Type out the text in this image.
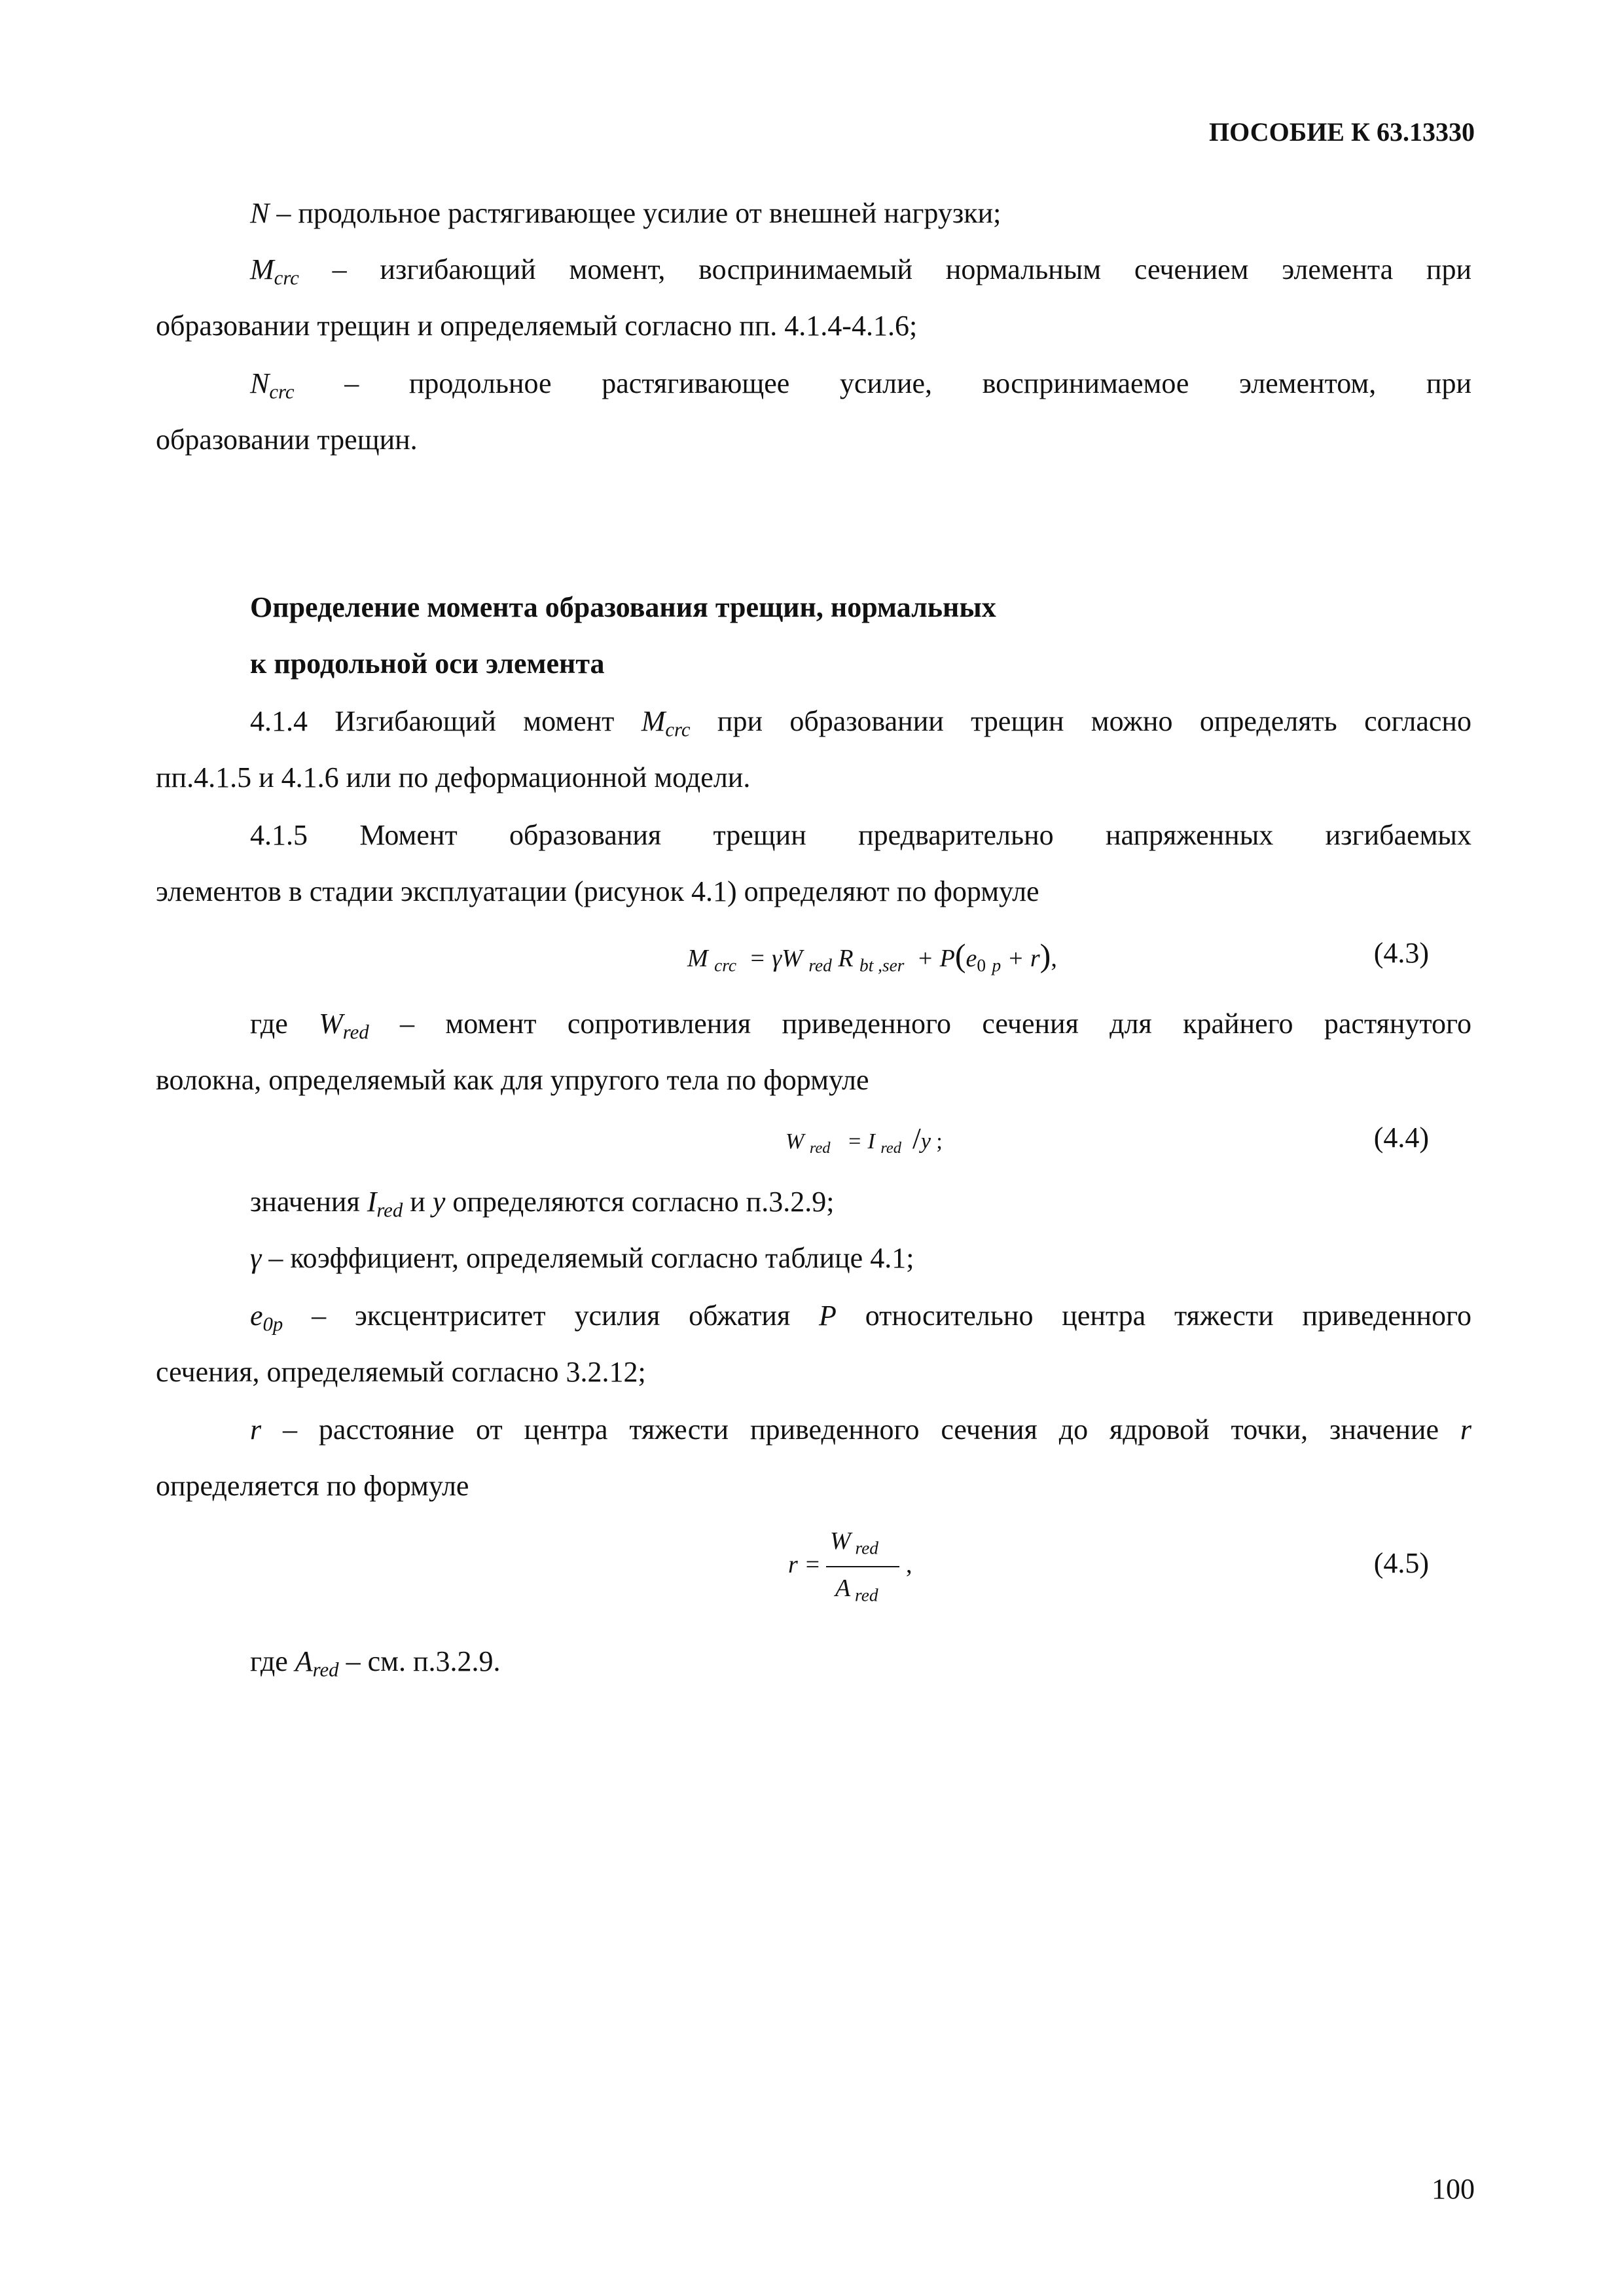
ПОСОБИЕ К 63.13330
N – продольное растягивающее усилие от внешней нагрузки;
$M_{crc}$ – изгибающий момент, воспринимаемый нормальным сечением элемента при
образовании трещин и определяемый согласно пп. 4.1.4-4.1.6;
$N_{crc}$ – продольное растягивающее усилие, воспринимаемое элементом, при
образовании трещин.
Определение момента образования трещин, нормальных
к продольной оси элемента
4.1.4 Изгибающий момент $M_{crc}$ при образовании трещин можно определять согласно
пп.4.1.5 и 4.1.6 или по деформационной модели.
4.1.5 Момент образования трещин предварительно напряженных изгибаемых
элементов в стадии эксплуатации (рисунок 4.1) определяют по формуле
M $_{crc}$  = γW $_{red}$ R $_{bt ,ser} + P(e_0$ $_p$ + r),	(4.3)
где $W_{red}$ – момент сопротивления приведенного сечения для крайнего растянутого
волокна, определяемый как для упругого тела по формуле
W $_{red}$   = I $_{red}$ /y ;	(4.4)
значения $I_{red}$ и y определяются согласно п.3.2.9;
γ – коэффициент, определяемый согласно таблице 4.1;
$e_{0p}$ – эксцентриситет усилия обжатия P относительно центра тяжести приведенного
сечения, определяемый согласно 3.2.12;
r – расстояние от центра тяжести приведенного сечения до ядровой точки, значение r
определяется по формуле
r =
W $_{red}$
A $_{red}$
,	(4.5)
где $A_{red}$ – см. п.3.2.9.
100
